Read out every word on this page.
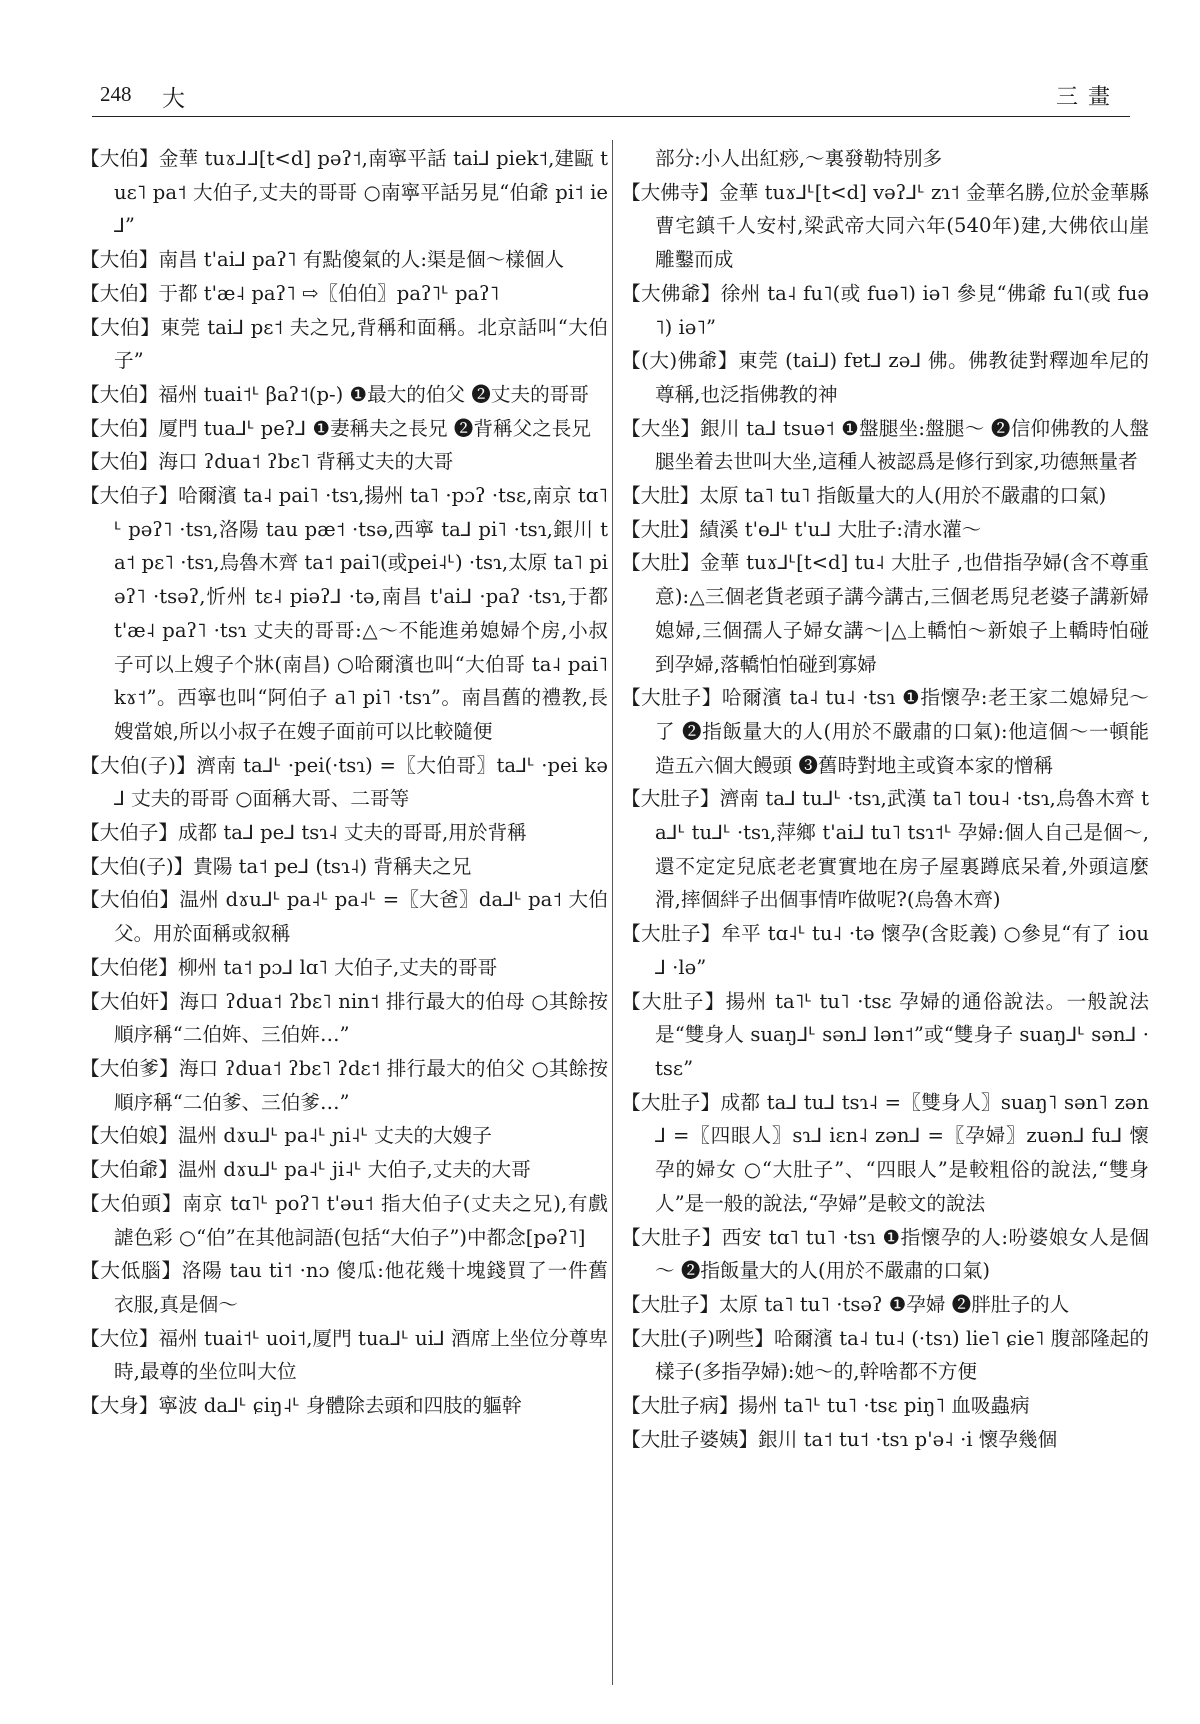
248 大	三畫

【大伯】金華 tuɤ⅃ᒧ[t<d] pəʔ˦,南寧平話 tai⅃ piek˦,建甌 tuɛ˥ pa˦ 大伯子,丈夫的哥哥 ○南寧平話另見“伯爺 pi˦ ie⅃”

【大伯】南昌 t'ai⅃ paʔ˥ 有點傻氣的人:渠是個～樣個人

【大伯】于都 t'æ˨ paʔ˥ ⇨〖伯伯〗paʔ˥ᒻ paʔ˥

【大伯】東莞 tai⅃ pɛ˦ 夫之兄,背稱和面稱。北京話叫“大伯子”

【大伯】福州 tuai˦ᒻ βaʔ˦(p-) ❶最大的伯父 ❷丈夫的哥哥

【大伯】厦門 tua⅃ᒻ peʔ⅃ ❶妻稱夫之長兄 ❷背稱父之長兄

【大伯】海口 ʔdua˦ ʔbɛ˥ 背稱丈夫的大哥

【大伯子】哈爾濱 ta˨ pai˥ ·tsɿ,揚州 ta˥ ·pɔʔ ·tsɛ,南京 tɑ˥ᒻ pəʔ˥ ·tsɿ,洛陽 tau pæ˦ ·tsə,西寧 ta⅃ pi˥ ·tsɿ,銀川 ta˦ pɛ˥ ·tsɿ,烏魯木齊 ta˦ pai˥(或pei˨ᒻ) ·tsɿ,太原 ta˥ piəʔ˥ ·tsəʔ,忻州 tɛ˨ piəʔ⅃ ·tə,南昌 t'ai⅃ ·paʔ ·tsɿ,于都 t'æ˨ paʔ˥ ·tsɿ 丈夫的哥哥:△～不能進弟媳婦个房,小叔子可以上嫂子个牀(南昌) ○哈爾濱也叫“大伯哥 ta˨ pai˥ kɤ˦”。西寧也叫“阿伯子 a˥ pi˥ ·tsɿ”。南昌舊的禮教,長嫂當娘,所以小叔子在嫂子面前可以比較隨便

【大伯(子)】濟南 ta⅃ᒻ ·pei(·tsɿ) =〖大伯哥〗ta⅃ᒻ ·pei kə⅃ 丈夫的哥哥 ○面稱大哥、二哥等

【大伯子】成都 ta⅃ pe⅃ tsɿ˨ 丈夫的哥哥,用於背稱

【大伯(子)】貴陽 ta˦ pe⅃ (tsɿ˨) 背稱夫之兄

【大伯伯】温州 dɤu⅃ᒻ pa˨ᒻ pa˨ᒻ =〖大爸〗da⅃ᒻ pa˦ 大伯父。用於面稱或叙稱

【大伯佬】柳州 ta˦ pɔ⅃ lɑ˥ 大伯子,丈夫的哥哥

【大伯奸】海口 ʔdua˦ ʔbɛ˥ nin˦ 排行最大的伯母 ○其餘按順序稱“二伯姩、三伯姩…”

【大伯爹】海口 ʔdua˦ ʔbɛ˥ ʔdɛ˦ 排行最大的伯父 ○其餘按順序稱“二伯爹、三伯爹…”

【大伯娘】温州 dɤu⅃ᒻ pa˨ᒻ ɲi˨ᒻ 丈夫的大嫂子

【大伯爺】温州 dɤu⅃ᒻ pa˨ᒻ ji˨ᒻ 大伯子,丈夫的大哥

【大伯頭】南京 tɑ˥ᒻ poʔ˥ t'əu˦ 指大伯子(丈夫之兄),有戲謔色彩 ○“伯”在其他詞語(包括“大伯子”)中都念[pəʔ˥]

【大低腦】洛陽 tau ti˦ ·nɔ 傻瓜:他花幾十塊錢買了一件舊衣服,真是個～

【大位】福州 tuai˦ᒻ uoi˦,厦門 tua⅃ᒻ ui⅃ 酒席上坐位分尊卑時,最尊的坐位叫大位

【大身】寧波 da⅃ᒻ ɕiŋ˨ᒻ 身體除去頭和四肢的軀幹

部分:小人出紅痧,～裏發勒特別多

【大佛寺】金華 tuɤ⅃ᒻ[t<d] vəʔ⅃ᒻ zɿ˦ 金華名勝,位於金華縣曹宅鎮千人安村,梁武帝大同六年(540年)建,大佛依山崖雕鑿而成

【大佛爺】徐州 ta˨ fu˥(或 fuə˥) iə˥ 參見“佛爺 fu˥(或 fuə˥) iə˥”

【(大)佛爺】東莞 (tai⅃) fɐt⅃ zə⅃ 佛。佛教徒對釋迦牟尼的尊稱,也泛指佛教的神

【大坐】銀川 ta⅃ tsuə˦ ❶盤腿坐:盤腿～ ❷信仰佛教的人盤腿坐着去世叫大坐,這種人被認爲是修行到家,功德無量者

【大肚】太原 ta˥ tu˥ 指飯量大的人(用於不嚴肅的口氣)

【大肚】績溪 t'ɵ⅃ᒻ t'u⅃ 大肚子:清水灌～

【大肚】金華 tuɤ⅃ᒻ[t<d] tu˨ 大肚子 ,也借指孕婦(含不尊重意):△三個老貨老頭子講今講古,三個老馬兒老婆子講新婦媳婦,三個孺人子婦女講～|△上轎怕～新娘子上轎時怕碰到孕婦,落轎怕怕碰到寡婦

【大肚子】哈爾濱 ta˨ tu˨ ·tsɿ ❶指懷孕:老王家二媳婦兒～了 ❷指飯量大的人(用於不嚴肅的口氣):他這個～一頓能造五六個大饅頭 ❸舊時對地主或資本家的憎稱

【大肚子】濟南 ta⅃ tu⅃ᒻ ·tsɿ,武漢 ta˥ tou˨ ·tsɿ,烏魯木齊 ta⅃ᒻ tu⅃ᒻ ·tsɿ,萍鄉 t'ai⅃ tu˥ tsɿ˦ᒻ 孕婦:個人自己是個～,還不定定兒底老老實實地在房子屋裏蹲底呆着,外頭這麼滑,摔個絆子出個事情咋做呢?(烏魯木齊)

【大肚子】牟平 tɑ˨ᒻ tu˨ ·tə 懷孕(含貶義) ○參見“有了 iou⅃ ·lə”

【大肚子】揚州 ta˥ᒻ tu˥ ·tsɛ 孕婦的通俗說法。一般說法是“雙身人 suaŋ⅃ᒻ sən⅃ lən˦”或“雙身子 suaŋ⅃ᒻ sən⅃ ·tsɛ”

【大肚子】成都 ta⅃ tu⅃ tsɿ˨ =〖雙身人〗suaŋ˥ sən˥ zən⅃ =〖四眼人〗sɿ⅃ iɛn˨ zən⅃ =〖孕婦〗zuən⅃ fu⅃ 懷孕的婦女 ○“大肚子”、“四眼人”是較粗俗的說法,“雙身人”是一般的說法,“孕婦”是較文的說法

【大肚子】西安 tɑ˥ tu˥ ·tsɿ ❶指懷孕的人:吩婆娘女人是個～ ❷指飯量大的人(用於不嚴肅的口氣)

【大肚子】太原 ta˥ tu˥ ·tsəʔ ❶孕婦 ❷胖肚子的人

【大肚(子)咧些】哈爾濱 ta˨ tu˨ (·tsɿ) lie˥ ɕie˥ 腹部隆起的樣子(多指孕婦):她～的,幹啥都不方便

【大肚子病】揚州 ta˥ᒻ tu˥ ·tsɛ piŋ˥ 血吸蟲病

【大肚子婆姨】銀川 ta˦ tu˦ ·tsɿ p'ə˨ ·i 懷孕幾個
